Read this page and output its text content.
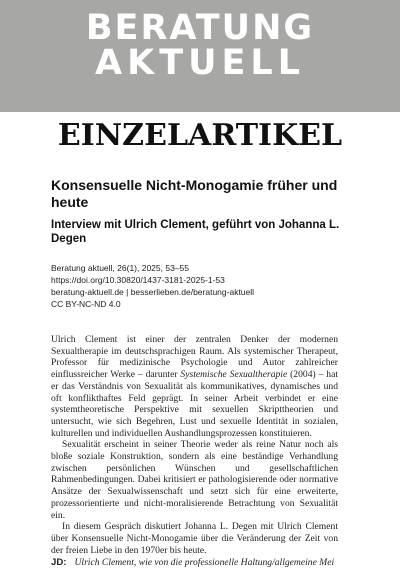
BERATUNG
AKTUELL
EINZELARTIKEL
Konsensuelle Nicht-Monogamie früher und heute
Interview mit Ulrich Clement, geführt von Johanna L. Degen
Beratung aktuell, 26(1), 2025, 53–55
https://doi.org/10.30820/1437-3181-2025-1-53
beratung-aktuell.de | besserlieben.de/beratung-aktuell
CC BY-NC-ND 4.0

Ulrich Clement ist einer der zentralen Denker der modernen Sexualtherapie im deutschsprachigen Raum. Als systemischer Therapeut, Professor für medizinische Psychologie und Autor zahlreicher einflussreicher Werke – darunter Systemische Sexualtherapie (2004) – hat er das Verständnis von Sexualität als kommunikatives, dynamisches und oft konflikthaftes Feld geprägt. In seiner Arbeit verbindet er eine systemtheoretische Perspektive mit sexuellen Skripttheorien und untersucht, wie sich Begehren, Lust und sexuelle Identität in sozialen, kulturellen und individuellen Aushandlungsprozessen konstituieren.

Sexualität erscheint in seiner Theorie weder als reine Natur noch als bloße soziale Konstruktion, sondern als eine beständige Verhandlung zwischen persönlichen Wünschen und gesellschaftlichen Rahmenbedingungen. Dabei kritisiert er pathologisierende oder normative Ansätze der Sexualwissenschaft und setzt sich für eine erweiterte, prozessorientierte und nicht-moralisierende Betrachtung von Sexualität ein.

In diesem Gespräch diskutiert Johanna L. Degen mit Ulrich Clement über Konsensuelle Nicht-Monogamie über die Veränderung der Zeit von der freien Liebe in den 1970er bis heute.

JD: Ulrich Clement, wie von die professionelle Haltung/allgemeine Mei
